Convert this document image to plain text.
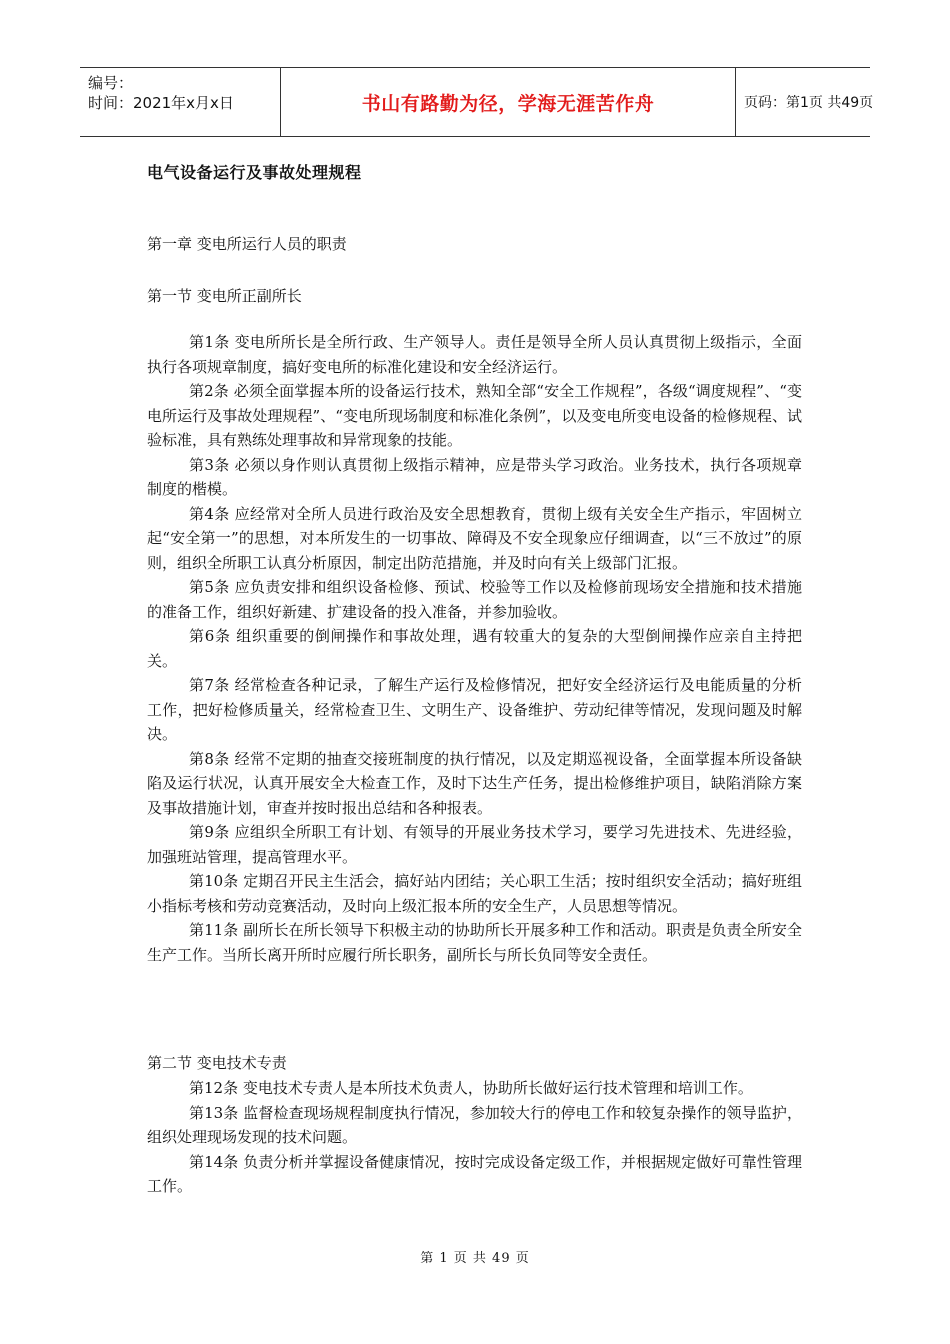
编号：
时间：2021年x月x日	书山有路勤为径，学海无涯苦作舟	页码：第1页 共49页
电气设备运行及事故处理规程
第一章 变电所运行人员的职责
第一节 变电所正副所长

第1条 变电所所长是全所行政、生产领导人。责任是领导全所人员认真贯彻上级指示，全面执行各项规章制度，搞好变电所的标准化建设和安全经济运行。

第2条 必须全面掌握本所的设备运行技术，熟知全部“安全工作规程”，各级“调度规程”、“变电所运行及事故处理规程”、“变电所现场制度和标准化条例”，以及变电所变电设备的检修规程、试验标准，具有熟练处理事故和异常现象的技能。

第3条 必须以身作则认真贯彻上级指示精神，应是带头学习政治。业务技术，执行各项规章制度的楷模。

第4条 应经常对全所人员进行政治及安全思想教育，贯彻上级有关安全生产指示，牢固树立起“安全第一”的思想，对本所发生的一切事故、障碍及不安全现象应仔细调查，以“三不放过”的原则，组织全所职工认真分析原因，制定出防范措施，并及时向有关上级部门汇报。

第5条 应负责安排和组织设备检修、预试、校验等工作以及检修前现场安全措施和技术措施的准备工作，组织好新建、扩建设备的投入准备，并参加验收。

第6条 组织重要的倒闸操作和事故处理，遇有较重大的复杂的大型倒闸操作应亲自主持把关。

第7条 经常检查各种记录，了解生产运行及检修情况，把好安全经济运行及电能质量的分析工作，把好检修质量关，经常检查卫生、文明生产、设备维护、劳动纪律等情况，发现问题及时解决。

第8条 经常不定期的抽查交接班制度的执行情况，以及定期巡视设备，全面掌握本所设备缺陷及运行状况，认真开展安全大检查工作，及时下达生产任务，提出检修维护项目，缺陷消除方案及事故措施计划，审查并按时报出总结和各种报表。

第9条 应组织全所职工有计划、有领导的开展业务技术学习，要学习先进技术、先进经验，加强班站管理，提高管理水平。

第10条 定期召开民主生活会，搞好站内团结；关心职工生活；按时组织安全活动；搞好班组小指标考核和劳动竞赛活动，及时向上级汇报本所的安全生产，人员思想等情况。

第11条 副所长在所长领导下积极主动的协助所长开展多种工作和活动。职责是负责全所安全生产工作。当所长离开所时应履行所长职务，副所长与所长负同等安全责任。

第二节 变电技术专责

第12条 变电技术专责人是本所技术负责人，协助所长做好运行技术管理和培训工作。

第13条 监督检查现场规程制度执行情况，参加较大行的停电工作和较复杂操作的领导监护，组织处理现场发现的技术问题。

第14条 负责分析并掌握设备健康情况，按时完成设备定级工作，并根据规定做好可靠性管理工作。

第 1 页 共 49 页
